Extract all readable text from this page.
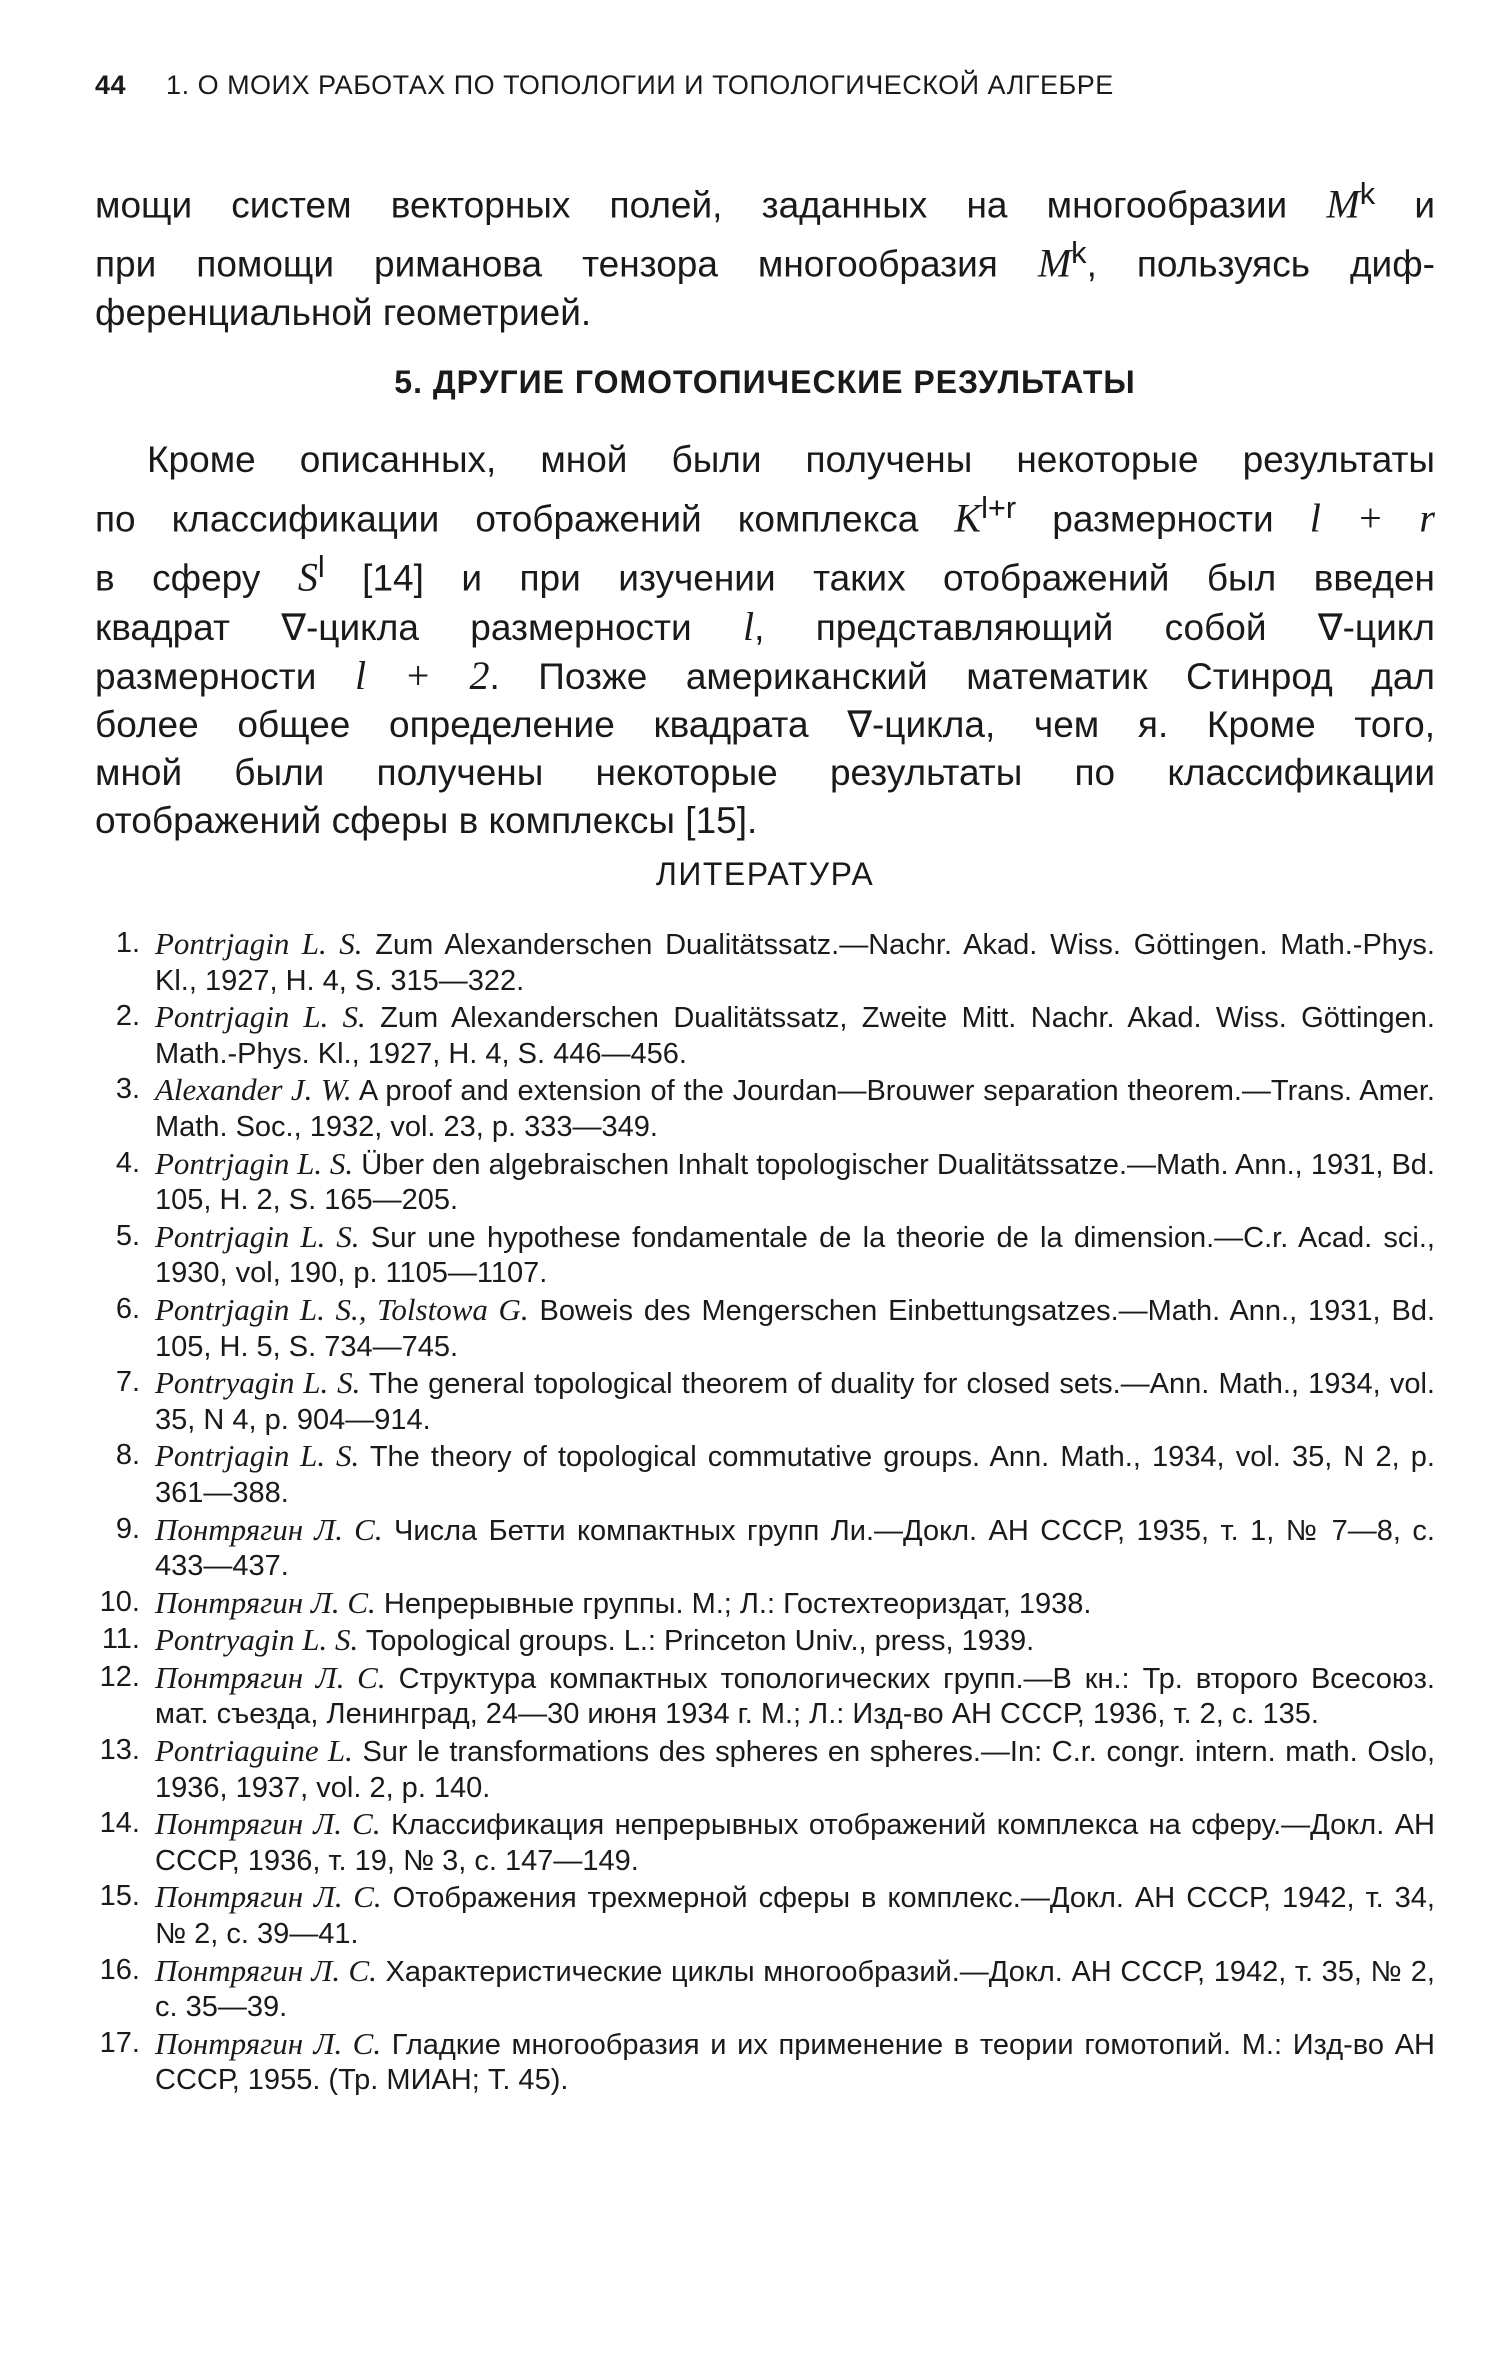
44 1. О МОИХ РАБОТАХ ПО ТОПОЛОГИИ И ТОПОЛОГИЧЕСКОЙ АЛГЕБРЕ
мощи систем векторных полей, заданных на многообразии $M^k$ и
при помощи риманова тензора многообразия $M^k$, пользуясь диф-
ференциальной геометрией.
5. ДРУГИЕ ГОМОТОПИЧЕСКИЕ РЕЗУЛЬТАТЫ
Кроме описанных, мной были получены некоторые результаты
по классификации отображений комплекса $K^{l+r}$ размерности l + r
в сферу $S^l$ [14] и при изучении таких отображений был введен
квадрат ∇-цикла размерности l, представляющий собой ∇-цикл
размерности l + 2. Позже американский математик Стинрод дал
более общее определение квадрата ∇-цикла, чем я. Кроме того,
мной были получены некоторые результаты по классификации
отображений сферы в комплексы [15].
ЛИТЕРАТУРА
1. Pontrjagin L. S. Zum Alexanderschen Dualitätssatz.—Nachr. Akad. Wiss. Göttingen. Math.-Phys. Kl., 1927, H. 4, S. 315—322.
2. Pontrjagin L. S. Zum Alexanderschen Dualitätssatz, Zweite Mitt. Nachr. Akad. Wiss. Göttingen. Math.-Phys. Kl., 1927, H. 4, S. 446—456.
3. Alexander J. W. A proof and extension of the Jourdan—Brouwer separation theorem.—Trans. Amer. Math. Soc., 1932, vol. 23, p. 333—349.
4. Pontrjagin L. S. Über den algebraischen Inhalt topologischer Dualitätssatze.—Math. Ann., 1931, Bd. 105, H. 2, S. 165—205.
5. Pontrjagin L. S. Sur une hypothese fondamentale de la theorie de la dimension.—C.r. Acad. sci., 1930, vol, 190, p. 1105—1107.
6. Pontrjagin L. S., Tolstowa G. Boweis des Mengerschen Einbettungsatzes.—Math. Ann., 1931, Bd. 105, H. 5, S. 734—745.
7. Pontryagin L. S. The general topological theorem of duality for closed sets.—Ann. Math., 1934, vol. 35, N 4, p. 904—914.
8. Pontrjagin L. S. The theory of topological commutative groups. Ann. Math., 1934, vol. 35, N 2, p. 361—388.
9. Понтрягин Л. С. Числа Бетти компактных групп Ли.—Докл. АН СССР, 1935, т. 1, № 7—8, с. 433—437.
10. Понтрягин Л. С. Непрерывные группы. М.; Л.: Гостехтеориздат, 1938.
11. Pontryagin L. S. Topological groups. L.: Princeton Univ., press, 1939.
12. Понтрягин Л. С. Структура компактных топологических групп.—В кн.: Тр. второго Всесоюз. мат. съезда, Ленинград, 24—30 июня 1934 г. М.; Л.: Изд-во АН СССР, 1936, т. 2, с. 135.
13. Pontriaguine L. Sur le transformations des spheres en spheres.—In: C.r. congr. intern. math. Oslo, 1936, 1937, vol. 2, p. 140.
14. Понтрягин Л. С. Классификация непрерывных отображений комплекса на сферу.—Докл. АН СССР, 1936, т. 19, № 3, с. 147—149.
15. Понтрягин Л. С. Отображения трехмерной сферы в комплекс.—Докл. АН СССР, 1942, т. 34, № 2, с. 39—41.
16. Понтрягин Л. С. Характеристические циклы многообразий.—Докл. АН СССР, 1942, т. 35, № 2, с. 35—39.
17. Понтрягин Л. С. Гладкие многообразия и их применение в теории гомотопий. М.: Изд-во АН СССР, 1955. (Тр. МИАН; Т. 45).
